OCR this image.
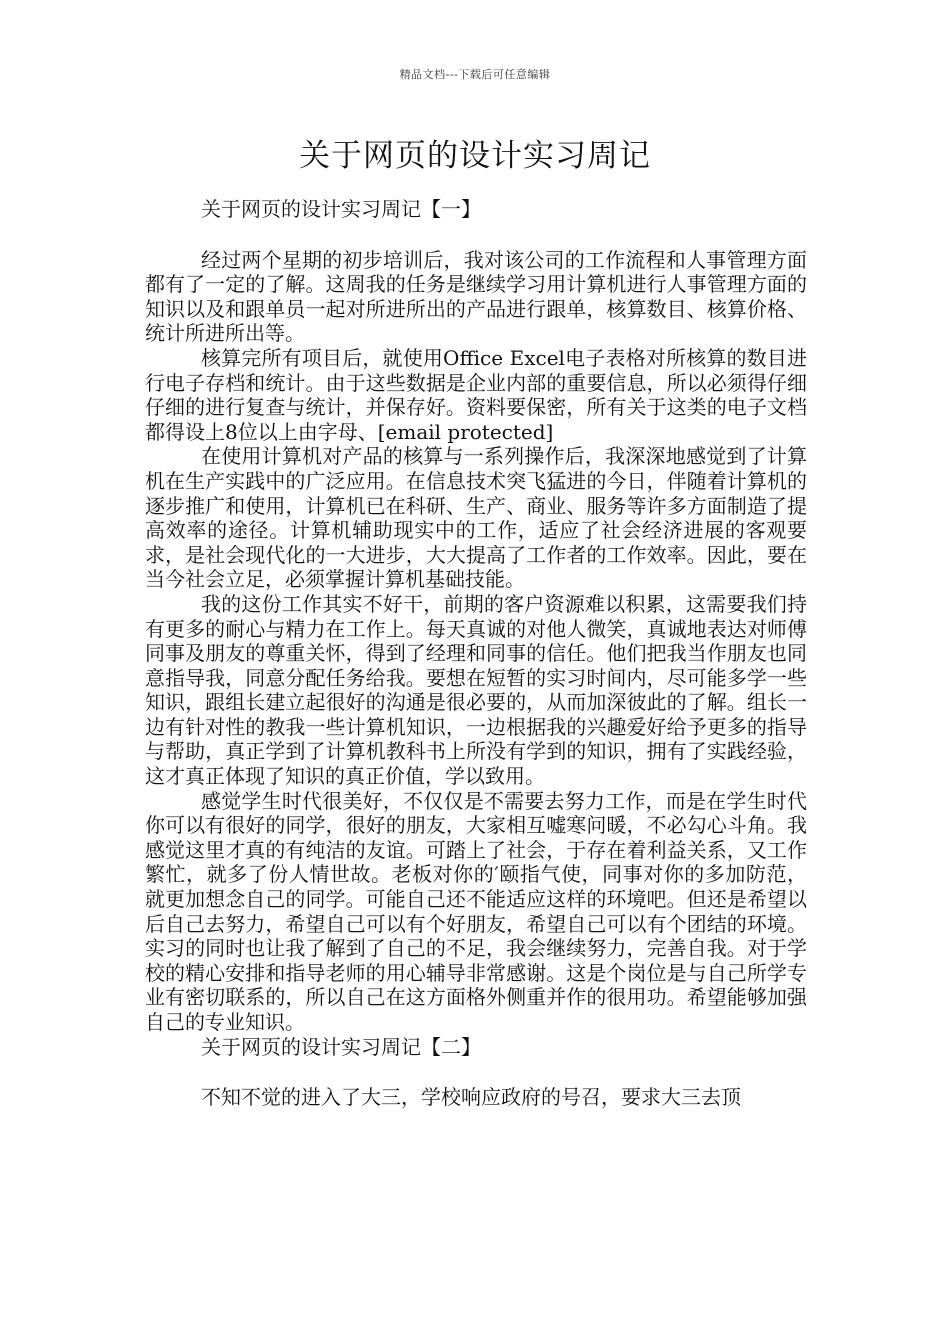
精品文档---下载后可任意编辑
关于网页的设计实习周记

关于网页的设计实习周记【一】

经过两个星期的初步培训后，我对该公司的工作流程和人事管理方面都有了一定的了解。这周我的任务是继续学习用计算机进行人事管理方面的知识以及和跟单员一起对所进所出的产品进行跟单，核算数目、核算价格、统计所进所出等。

核算完所有项目后，就使用Office Excel电子表格对所核算的数目进行电子存档和统计。由于这些数据是企业内部的重要信息，所以必须得仔细仔细的进行复查与统计，并保存好。资料要保密，所有关于这类的电子文档都得设上8位以上由字母、[email protected]

在使用计算机对产品的核算与一系列操作后，我深深地感觉到了计算机在生产实践中的广泛应用。在信息技术突飞猛进的今日，伴随着计算机的逐步推广和使用，计算机已在科研、生产、商业、服务等许多方面制造了提高效率的途径。计算机辅助现实中的工作，适应了社会经济进展的客观要求，是社会现代化的一大进步，大大提高了工作者的工作效率。因此，要在当今社会立足，必须掌握计算机基础技能。

我的这份工作其实不好干，前期的客户资源难以积累，这需要我们持有更多的耐心与精力在工作上。每天真诚的对他人微笑，真诚地表达对师傅同事及朋友的尊重关怀，得到了经理和同事的信任。他们把我当作朋友也同意指导我，同意分配任务给我。要想在短暂的实习时间内，尽可能多学一些知识，跟组长建立起很好的沟通是很必要的，从而加深彼此的了解。组长一边有针对性的教我一些计算机知识，一边根据我的兴趣爱好给予更多的指导与帮助，真正学到了计算机教科书上所没有学到的知识，拥有了实践经验，这才真正体现了知识的真正价值，学以致用。

感觉学生时代很美好，不仅仅是不需要去努力工作，而是在学生时代你可以有很好的同学，很好的朋友，大家相互嘘寒问暖，不必勾心斗角。我感觉这里才真的有纯洁的友谊。可踏上了社会，于存在着利益关系，又工作繁忙，就多了份人情世故。老板对你的′颐指气使，同事对你的多加防范，就更加想念自己的同学。可能自己还不能适应这样的环境吧。但还是希望以后自己去努力，希望自己可以有个好朋友，希望自己可以有个团结的环境。实习的同时也让我了解到了自己的不足，我会继续努力，完善自我。对于学校的精心安排和指导老师的用心辅导非常感谢。这是个岗位是与自己所学专业有密切联系的，所以自己在这方面格外侧重并作的很用功。希望能够加强自己的专业知识。

关于网页的设计实习周记【二】

不知不觉的进入了大三，学校响应政府的号召，要求大三去顶
